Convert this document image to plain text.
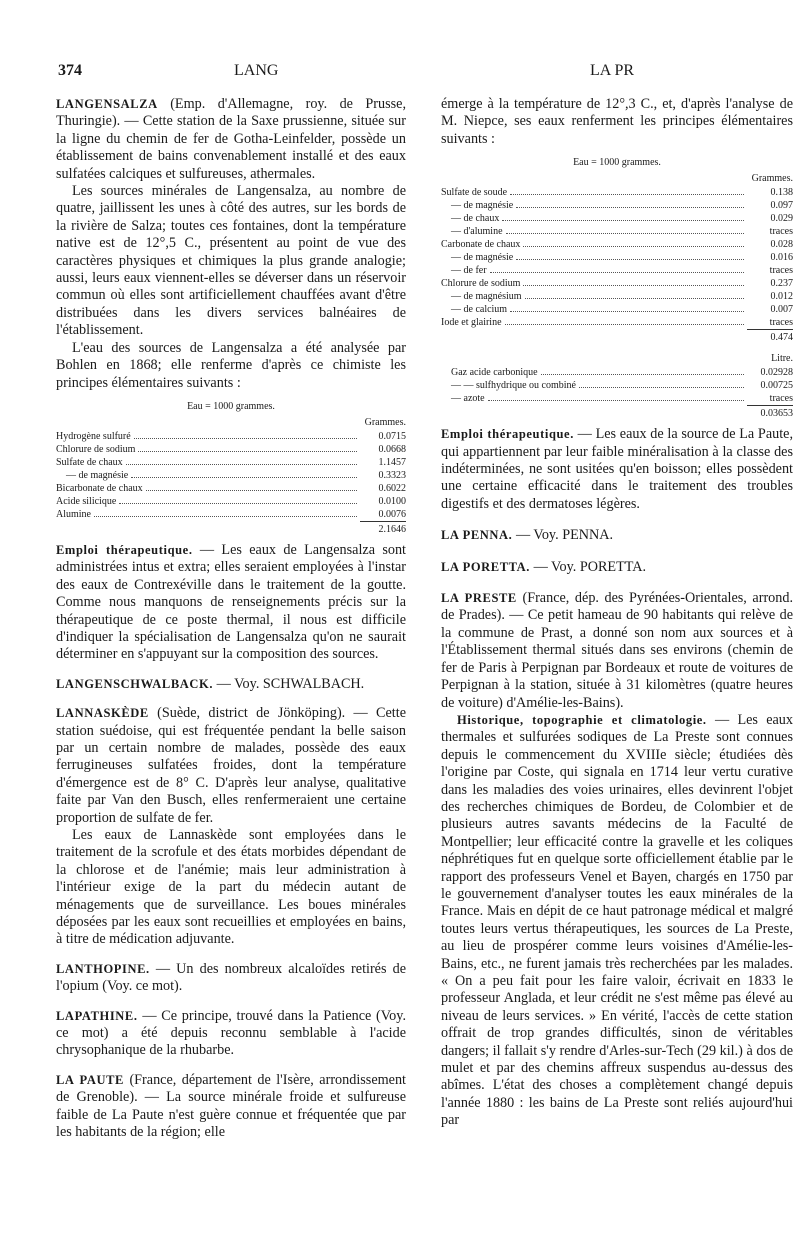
374	LANG	LA PR

LANGENSALZA (Emp. d'Allemagne, roy. de Prusse, Thuringie). — Cette station de la Saxe prussienne, située sur la ligne du chemin de fer de Gotha-Leinfelder, possède un établissement de bains convenablement installé et des eaux sulfatées calciques et sulfureuses, athermales.

Les sources minérales de Langensalza, au nombre de quatre, jaillissent les unes à côté des autres, sur les bords de la rivière de Salza; toutes ces fontaines, dont la température native est de 12°,5 C., présentent au point de vue des caractères physiques et chimiques la plus grande analogie; aussi, leurs eaux viennent-elles se déverser dans un réservoir commun où elles sont artificiellement chauffées avant d'être distribuées dans les divers services balnéaires de l'établissement.

L'eau des sources de Langensalza a été analysée par Bohlen en 1868; elle renferme d'après ce chimiste les principes élémentaires suivants :

Eau = 1000 grammes.
Grammes.
Hydrogène sulfuré	0.0715
Chlorure de sodium	0.0668
Sulfate de chaux	1.1457
— de magnésie	0.3323
Bicarbonate de chaux	0.6022
Acide silicique	0.0100
Alumine	0.0076
2.1646

Emploi thérapeutique. — Les eaux de Langensalza sont administrées intus et extra; elles seraient employées à l'instar des eaux de Contrexéville dans le traitement de la goutte. Comme nous manquons de renseignements précis sur la thérapeutique de ce poste thermal, il nous est difficile d'indiquer la spécialisation de Langensalza qu'on ne saurait déterminer en s'appuyant sur la composition des sources.

LANGENSCHWALBACK. — Voy. SCHWALBACH.

LANNASKÈDE (Suède, district de Jönköping). — Cette station suédoise, qui est fréquentée pendant la belle saison par un certain nombre de malades, possède des eaux ferrugineuses sulfatées froides, dont la température d'émergence est de 8° C. D'après leur analyse, qualitative faite par Van den Busch, elles renfermeraient une certaine proportion de sulfate de fer.

Les eaux de Lannaskède sont employées dans le traitement de la scrofule et des états morbides dépendant de la chlorose et de l'anémie; mais leur administration à l'intérieur exige de la part du médecin autant de ménagements que de surveillance. Les boues minérales déposées par les eaux sont recueillies et employées en bains, à titre de médication adjuvante.

LANTHOPINE. — Un des nombreux alcaloïdes retirés de l'opium (Voy. ce mot).

LAPATHINE. — Ce principe, trouvé dans la Patience (Voy. ce mot) a été depuis reconnu semblable à l'acide chrysophanique de la rhubarbe.

LA PAUTE (France, département de l'Isère, arrondissement de Grenoble). — La source minérale froide et sulfureuse faible de La Paute n'est guère connue et fréquentée que par les habitants de la région; elle

émerge à la température de 12°,3 C., et, d'après l'analyse de M. Niepce, ses eaux renferment les principes élémentaires suivants :

Eau = 1000 grammes.
Grammes.
Sulfate de soude	0.138
— de magnésie	0.097
— de chaux	0.029
— d'alumine	traces
Carbonate de chaux	0.028
— de magnésie	0.016
— de fer	traces
Chlorure de sodium	0.237
— de magnésium	0.012
— de calcium	0.007
Iode et glairine	traces
0.474
Litre.
Gaz acide carbonique	0.02928
— — sulfhydrique ou combiné	0.00725
— azote	traces
0.03653

Emploi thérapeutique. — Les eaux de la source de La Paute, qui appartiennent par leur faible minéralisation à la classe des indéterminées, ne sont usitées qu'en boisson; elles possèdent une certaine efficacité dans le traitement des troubles digestifs et des dermatoses légères.

LA PENNA. — Voy. PENNA.

LA PORETTA. — Voy. PORETTA.

LA PRESTE (France, dép. des Pyrénées-Orientales, arrond. de Prades). — Ce petit hameau de 90 habitants qui relève de la commune de Prast, a donné son nom aux sources et à l'Établissement thermal situés dans ses environs (chemin de fer de Paris à Perpignan par Bordeaux et route de voitures de Perpignan à la station, située à 31 kilomètres (quatre heures de voiture) d'Amélie-les-Bains).

Historique, topographie et climatologie. — Les eaux thermales et sulfurées sodiques de La Preste sont connues depuis le commencement du XVIIIe siècle; étudiées dès l'origine par Coste, qui signala en 1714 leur vertu curative dans les maladies des voies urinaires, elles devinrent l'objet des recherches chimiques de Bordeu, de Colombier et de plusieurs autres savants médecins de la Faculté de Montpellier; leur efficacité contre la gravelle et les coliques néphrétiques fut en quelque sorte officiellement établie par le rapport des professeurs Venel et Bayen, chargés en 1750 par le gouvernement d'analyser toutes les eaux minérales de la France. Mais en dépit de ce haut patronage médical et malgré toutes leurs vertus thérapeutiques, les sources de La Preste, au lieu de prospérer comme leurs voisines d'Amélie-les-Bains, etc., ne furent jamais très recherchées par les malades. « On a peu fait pour les faire valoir, écrivait en 1833 le professeur Anglada, et leur crédit ne s'est même pas élevé au niveau de leurs services. » En vérité, l'accès de cette station offrait de trop grandes difficultés, sinon de véritables dangers; il fallait s'y rendre d'Arles-sur-Tech (29 kil.) à dos de mulet et par des chemins affreux suspendus au-dessus des abîmes. L'état des choses a complètement changé depuis l'année 1880 : les bains de La Preste sont reliés aujourd'hui par
